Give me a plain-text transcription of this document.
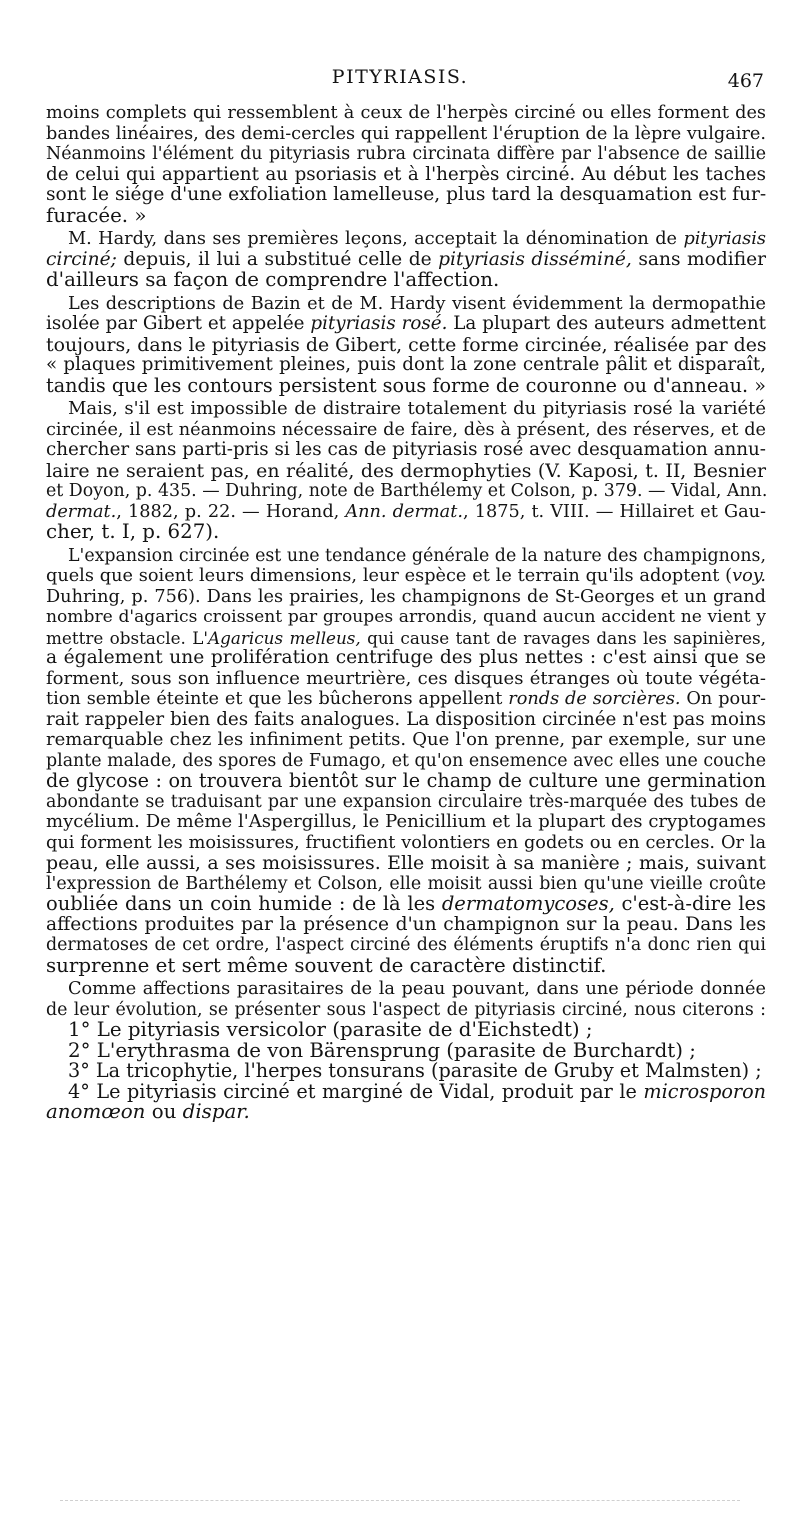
PITYRIASIS.	467
moins complets qui ressemblent à ceux de l'herpès circiné ou elles forment des
bandes linéaires, des demi-cercles qui rappellent l'éruption de la lèpre vulgaire.
Néanmoins l'élément du pityriasis rubra circinata diffère par l'absence de saillie
de celui qui appartient au psoriasis et à l'herpès circiné. Au début les taches
sont le siége d'une exfoliation lamelleuse, plus tard la desquamation est fur-
furacée. »
M. Hardy, dans ses premières leçons, acceptait la dénomination de pityriasis
circiné; depuis, il lui a substitué celle de pityriasis disséminé, sans modifier
d'ailleurs sa façon de comprendre l'affection.
Les descriptions de Bazin et de M. Hardy visent évidemment la dermopathie
isolée par Gibert et appelée pityriasis rosé. La plupart des auteurs admettent
toujours, dans le pityriasis de Gibert, cette forme circinée, réalisée par des
« plaques primitivement pleines, puis dont la zone centrale pâlit et disparaît,
tandis que les contours persistent sous forme de couronne ou d'anneau. »
Mais, s'il est impossible de distraire totalement du pityriasis rosé la variété
circinée, il est néanmoins nécessaire de faire, dès à présent, des réserves, et de
chercher sans parti-pris si les cas de pityriasis rosé avec desquamation annu-
laire ne seraient pas, en réalité, des dermophyties (V. Kaposi, t. II, Besnier
et Doyon, p. 435. — Duhring, note de Barthélemy et Colson, p. 379. — Vidal, Ann.
dermat., 1882, p. 22. — Horand, Ann. dermat., 1875, t. VIII. — Hillairet et Gau-
cher, t. I, p. 627).
L'expansion circinée est une tendance générale de la nature des champignons,
quels que soient leurs dimensions, leur espèce et le terrain qu'ils adoptent (voy.
Duhring, p. 756). Dans les prairies, les champignons de St-Georges et un grand
nombre d'agarics croissent par groupes arrondis, quand aucun accident ne vient y
mettre obstacle. L'Agaricus melleus, qui cause tant de ravages dans les sapinières,
a également une prolifération centrifuge des plus nettes : c'est ainsi que se
forment, sous son influence meurtrière, ces disques étranges où toute végéta-
tion semble éteinte et que les bûcherons appellent ronds de sorcières. On pour-
rait rappeler bien des faits analogues. La disposition circinée n'est pas moins
remarquable chez les infiniment petits. Que l'on prenne, par exemple, sur une
plante malade, des spores de Fumago, et qu'on ensemence avec elles une couche
de glycose : on trouvera bientôt sur le champ de culture une germination
abondante se traduisant par une expansion circulaire très-marquée des tubes de
mycélium. De même l'Aspergillus, le Penicillium et la plupart des cryptogames
qui forment les moisissures, fructifient volontiers en godets ou en cercles. Or la
peau, elle aussi, a ses moisissures. Elle moisit à sa manière ; mais, suivant
l'expression de Barthélemy et Colson, elle moisit aussi bien qu'une vieille croûte
oubliée dans un coin humide : de là les dermatomycoses, c'est-à-dire les
affections produites par la présence d'un champignon sur la peau. Dans les
dermatoses de cet ordre, l'aspect circiné des éléments éruptifs n'a donc rien qui
surprenne et sert même souvent de caractère distinctif.
Comme affections parasitaires de la peau pouvant, dans une période donnée
de leur évolution, se présenter sous l'aspect de pityriasis circiné, nous citerons :
1° Le pityriasis versicolor (parasite de d'Eichstedt) ;
2° L'erythrasma de von Bärensprung (parasite de Burchardt) ;
3° La tricophytie, l'herpes tonsurans (parasite de Gruby et Malmsten) ;
4° Le pityriasis circiné et marginé de Vidal, produit par le microsporon
anomœon ou dispar.
